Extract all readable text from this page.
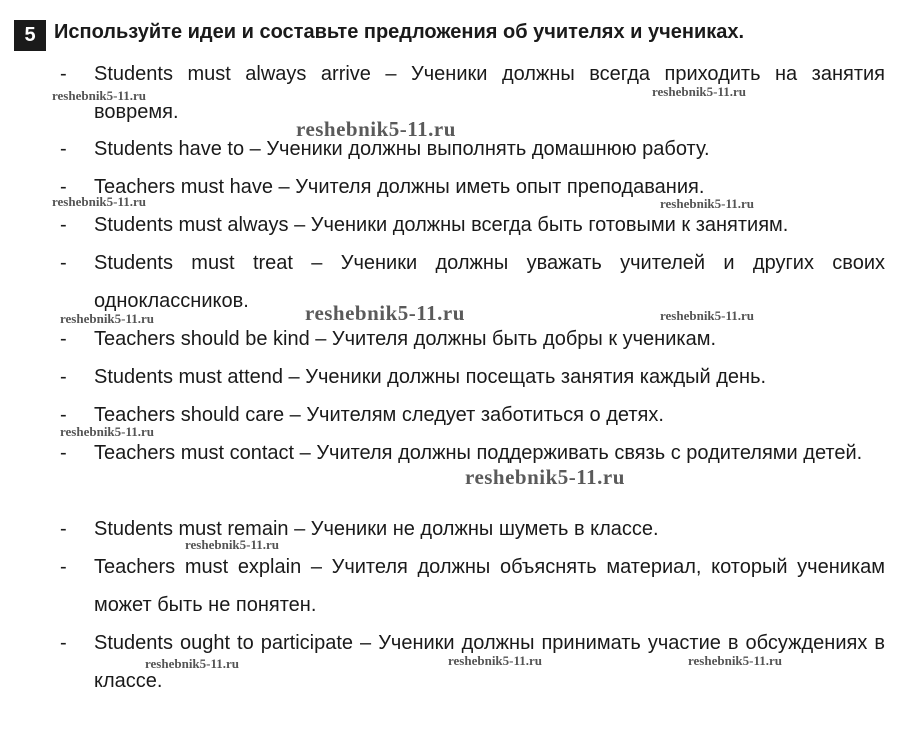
5 Используйте идеи и составьте предложения об учителях и учениках.
- Students must always arrive – Ученики должны всегда приходить на занятия вовремя.
- Students have to – Ученики должны выполнять домашнюю работу.
- Teachers must have – Учителя должны иметь опыт преподавания.
- Students must always – Ученики должны всегда быть готовыми к занятиям.
- Students must treat – Ученики должны уважать учителей и других своих одноклассников.
- Teachers should be kind – Учителя должны быть добры к ученикам.
- Students must attend – Ученики должны посещать занятия каждый день.
- Teachers should care – Учителям следует заботиться о детях.
- Teachers must contact – Учителя должны поддерживать связь с родителями детей.
- Students must remain – Ученики не должны шуметь в классе.
- Teachers must explain – Учителя должны объяснять материал, который ученикам может быть не понятен.
- Students ought to participate – Ученики должны принимать участие в обсуждениях в классе.
reshebnik5-11.ru	reshebnik5-11.ru
reshebnik5-11.ru
reshebnik5-11.ru	reshebnik5-11.ru
reshebnik5-11.ru	reshebnik5-11.ru	reshebnik5-11.ru
reshebnik5-11.ru
reshebnik5-11.ru
reshebnik5-11.ru
reshebnik5-11.ru	reshebnik5-11.ru	reshebnik5-11.ru
